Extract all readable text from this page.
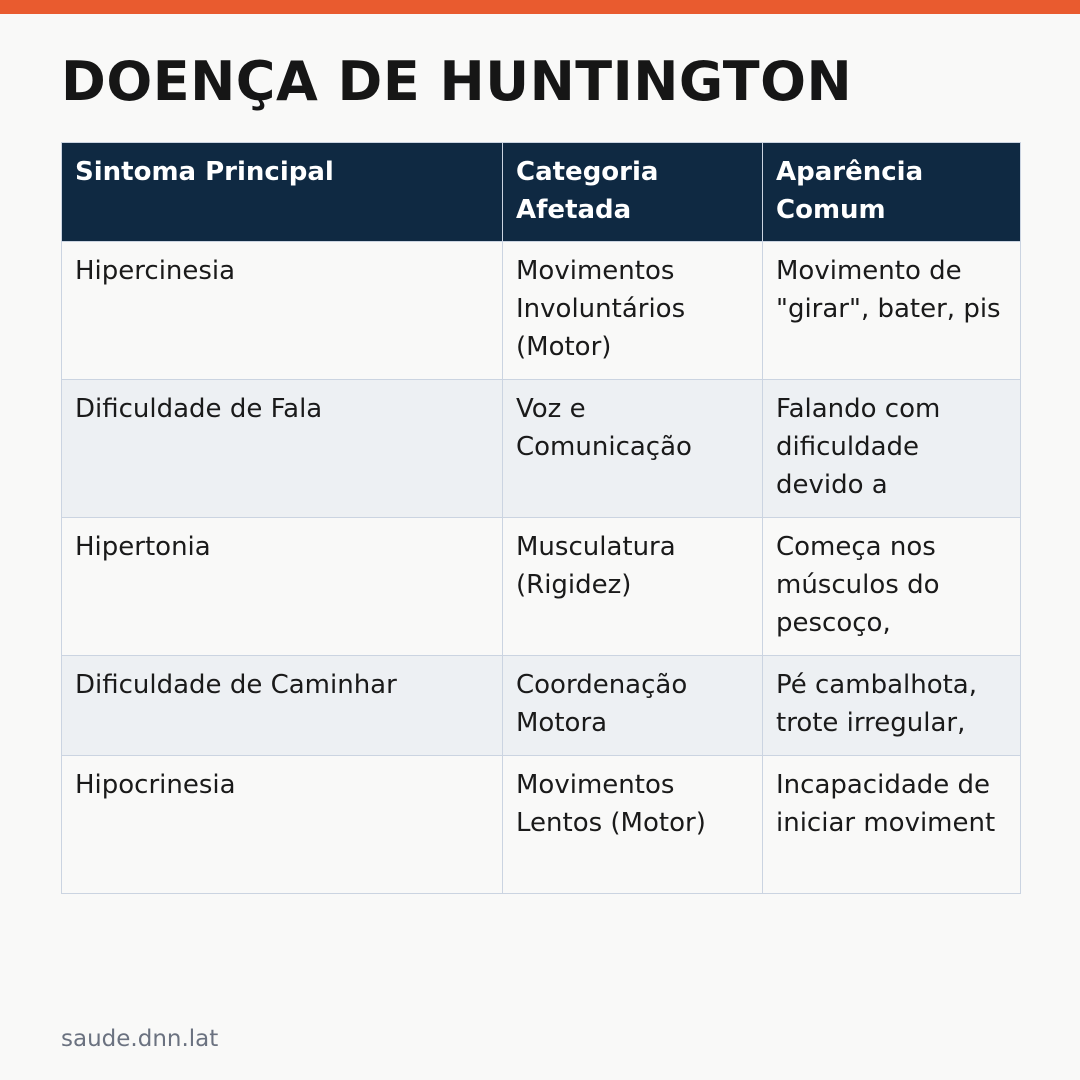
DOENÇA DE HUNTINGTON
Sintoma Principal	Categoria Afetada	Aparência Comum
Hipercinesia	Movimentos Involuntários (Motor)	Movimento de "girar", bater, pis
Dificuldade de Fala	Voz e Comunicação	Falando com dificuldade devido a
Hipertonia	Musculatura (Rigidez)	Começa nos músculos do pescoço,
Dificuldade de Caminhar	Coordenação Motora	Pé cambalhota, trote irregular,
Hipocrinesia	Movimentos Lentos (Motor)	Incapacidade de iniciar moviment
saude.dnn.lat
